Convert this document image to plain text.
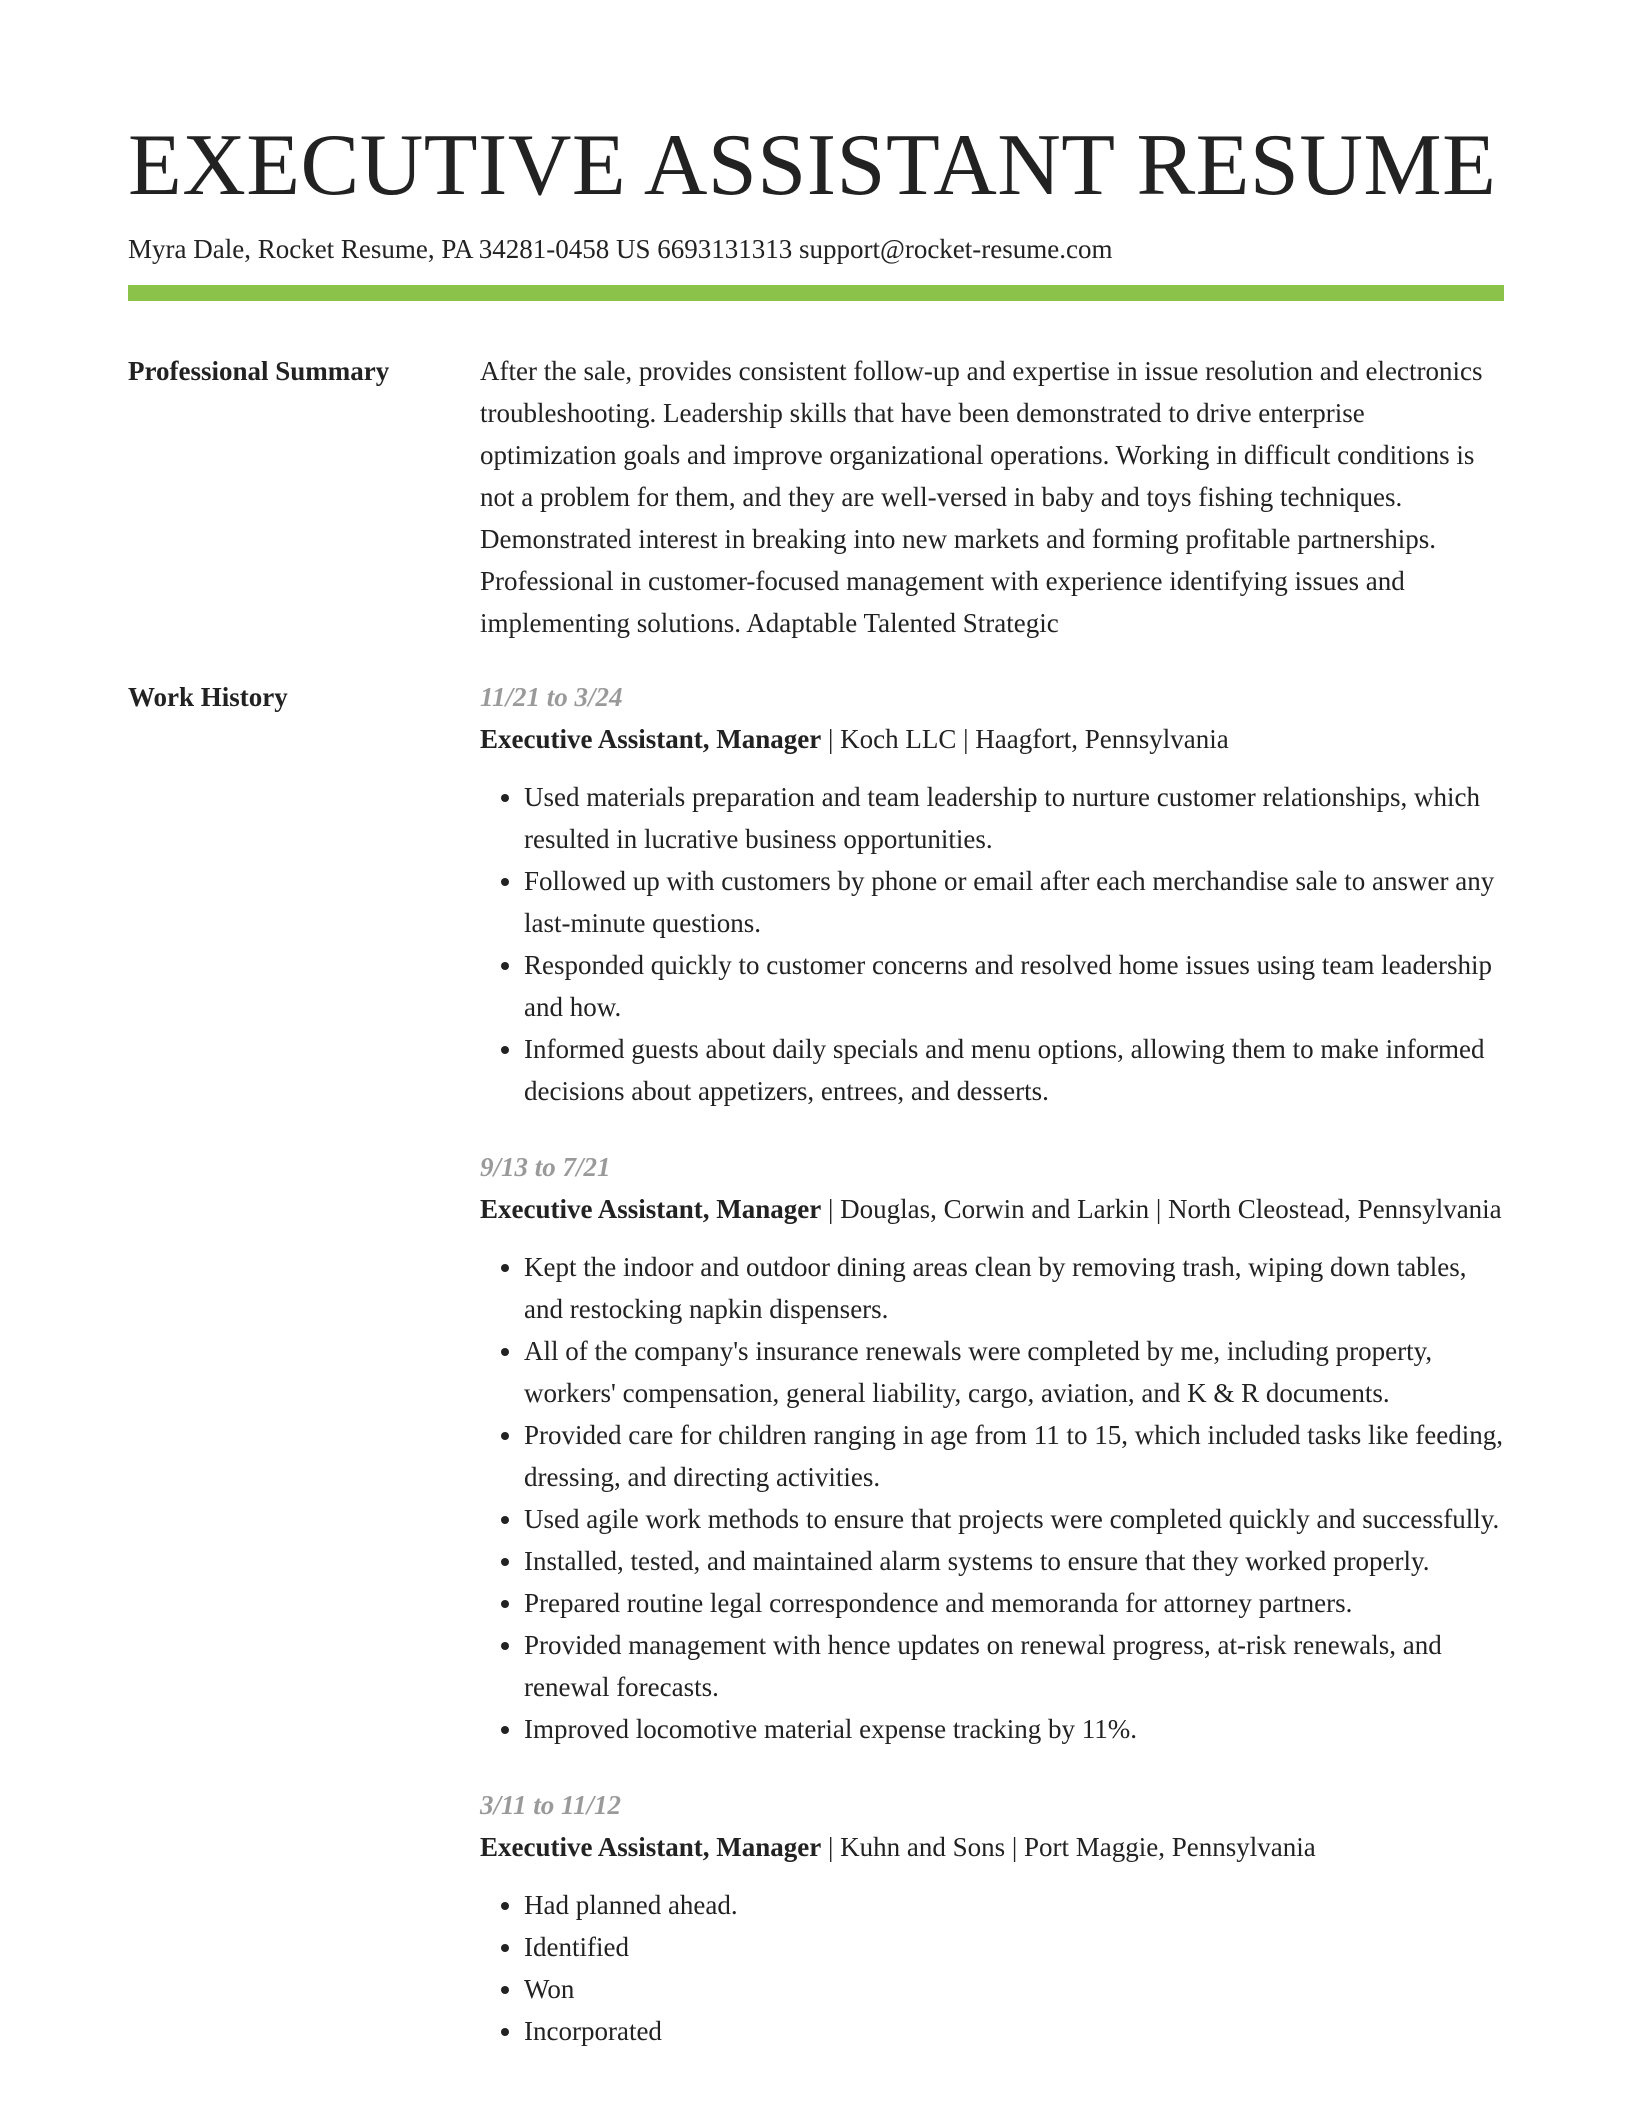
EXECUTIVE ASSISTANT RESUME
Myra Dale, Rocket Resume, PA 34281-0458 US 6693131313 support@rocket-resume.com
Professional Summary	After the sale, provides consistent follow-up and expertise in issue resolution and electronics troubleshooting. Leadership skills that have been demonstrated to drive enterprise optimization goals and improve organizational operations. Working in difficult conditions is not a problem for them, and they are well-versed in baby and toys fishing techniques. Demonstrated interest in breaking into new markets and forming profitable partnerships. Professional in customer-focused management with experience identifying issues and implementing solutions. Adaptable Talented Strategic

Work History	11/21 to 3/24
Executive Assistant, Manager | Koch LLC | Haagfort, Pennsylvania
• Used materials preparation and team leadership to nurture customer relationships, which resulted in lucrative business opportunities.
• Followed up with customers by phone or email after each merchandise sale to answer any last-minute questions.
• Responded quickly to customer concerns and resolved home issues using team leadership and how.
• Informed guests about daily specials and menu options, allowing them to make informed decisions about appetizers, entrees, and desserts.
9/13 to 7/21
Executive Assistant, Manager | Douglas, Corwin and Larkin | North Cleostead, Pennsylvania
• Kept the indoor and outdoor dining areas clean by removing trash, wiping down tables, and restocking napkin dispensers.
• All of the company's insurance renewals were completed by me, including property, workers' compensation, general liability, cargo, aviation, and K & R documents.
• Provided care for children ranging in age from 11 to 15, which included tasks like feeding, dressing, and directing activities.
• Used agile work methods to ensure that projects were completed quickly and successfully.
• Installed, tested, and maintained alarm systems to ensure that they worked properly.
• Prepared routine legal correspondence and memoranda for attorney partners.
• Provided management with hence updates on renewal progress, at-risk renewals, and renewal forecasts.
• Improved locomotive material expense tracking by 11%.
3/11 to 11/12
Executive Assistant, Manager | Kuhn and Sons | Port Maggie, Pennsylvania
• Had planned ahead.
• Identified
• Won
• Incorporated
